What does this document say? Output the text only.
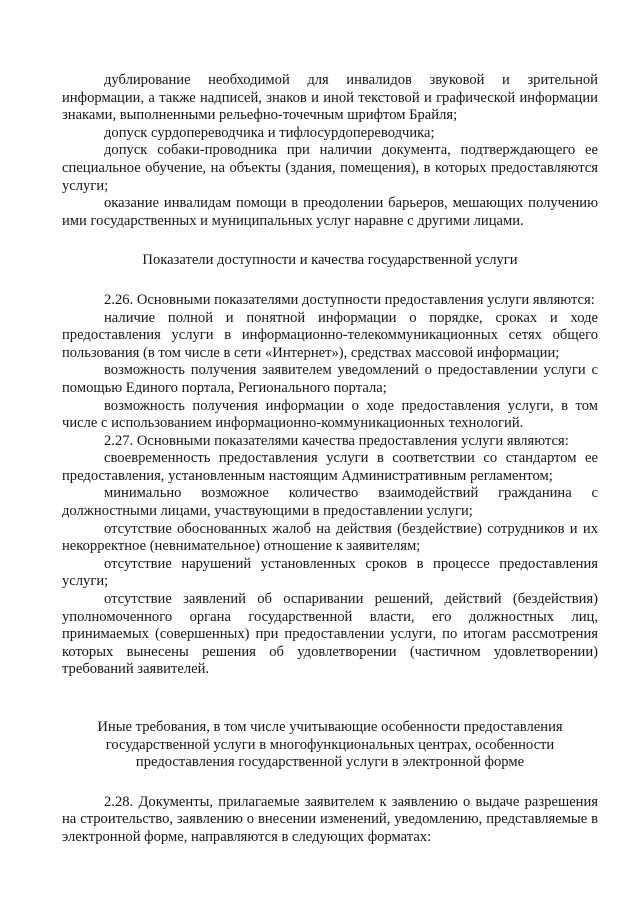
дублирование необходимой для инвалидов звуковой и зрительной информации, а также надписей, знаков и иной текстовой и графической информации знаками, выполненными рельефно-точечным шрифтом Брайля;

допуск сурдопереводчика и тифлосурдопереводчика;

допуск собаки-проводника при наличии документа, подтверждающего ее специальное обучение, на объекты (здания, помещения), в которых предоставляются услуги;

оказание инвалидам помощи в преодолении барьеров, мешающих получению ими государственных и муниципальных услуг наравне с другими лицами.

Показатели доступности и качества государственной услуги

2.26. Основными показателями доступности предоставления услуги являются:

наличие полной и понятной информации о порядке, сроках и ходе предоставления услуги в информационно-телекоммуникационных сетях общего пользования (в том числе в сети «Интернет»), средствах массовой информации;

возможность получения заявителем уведомлений о предоставлении услуги с помощью Единого портала, Регионального портала;

возможность получения информации о ходе предоставления услуги, в том числе с использованием информационно-коммуникационных технологий.

2.27. Основными показателями качества предоставления услуги являются:

своевременность предоставления услуги в соответствии со стандартом ее предоставления, установленным настоящим Административным регламентом;

минимально возможное количество взаимодействий гражданина с должностными лицами, участвующими в предоставлении услуги;

отсутствие обоснованных жалоб на действия (бездействие) сотрудников и их некорректное (невнимательное) отношение к заявителям;

отсутствие нарушений установленных сроков в процессе предоставления услуги;

отсутствие заявлений об оспаривании решений, действий (бездействия) уполномоченного органа государственной власти, его должностных лиц, принимаемых (совершенных) при предоставлении услуги, по итогам рассмотрения которых вынесены решения об удовлетворении (частичном удовлетворении) требований заявителей.

Иные требования, в том числе учитывающие особенности предоставления

государственной услуги в многофункциональных центрах, особенности

предоставления государственной услуги в электронной форме

2.28. Документы, прилагаемые заявителем к заявлению о выдаче разрешения на строительство, заявлению о внесении изменений, уведомлению, представляемые в электронной форме, направляются в следующих форматах:
